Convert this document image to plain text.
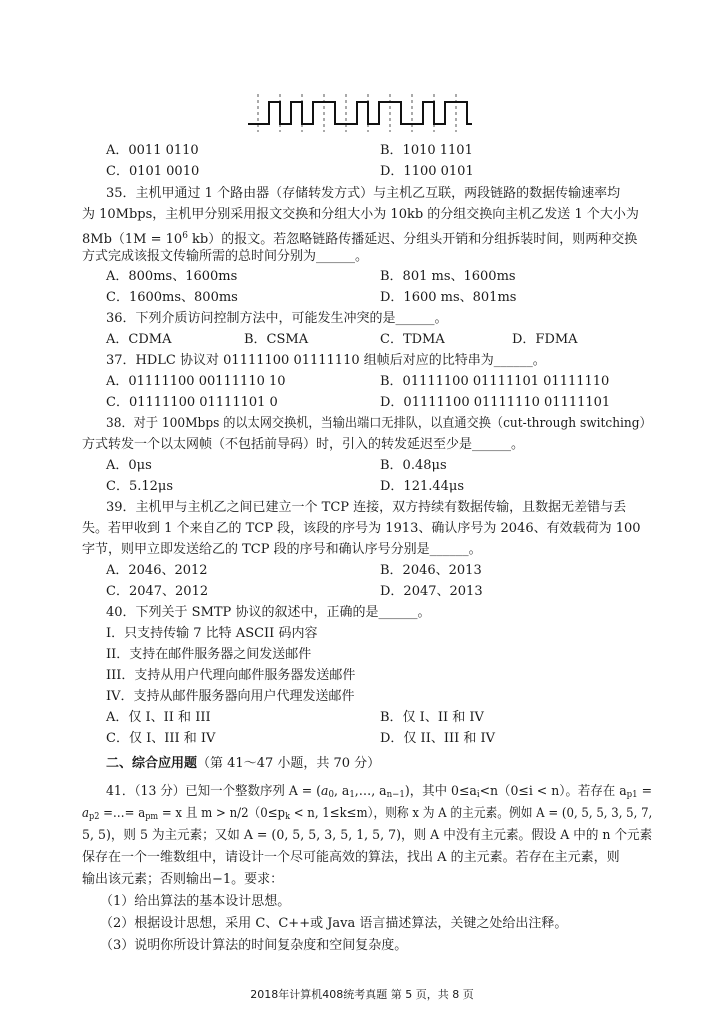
A．0011 0110	B．1010 1101
C．0101 0010	D．1100 0101
35．主机甲通过 1 个路由器（存储转发方式）与主机乙互联，两段链路的数据传输速率均
为 10Mbps，主机甲分别采用报文交换和分组大小为 10kb 的分组交换向主机乙发送 1 个大小为
$8Mb(1M = 10^6$ kb）的报文。若忽略链路传播延迟、分组头开销和分组拆装时间，则两种交换
方式完成该报文传输所需的总时间分别为______。
A．800ms、1600ms	B．801 ms、1600ms
C．1600ms、800ms	D．1600 ms、801ms
36．下列介质访问控制方法中，可能发生冲突的是______。
A．CDMA	B．CSMA	C．TDMA	D．FDMA
37．HDLC 协议对 01111100 01111110 组帧后对应的比特串为______。
A．01111100 00111110 10	B．01111100 01111101 01111110
C．01111100 01111101 0	D．01111100 01111110 01111101
38．对于 100Mbps 的以太网交换机，当输出端口无排队，以直通交换（cut-through switching）
方式转发一个以太网帧（不包括前导码）时，引入的转发延迟至少是______。
A．0μs	B．0.48μs
C．5.12μs	D．121.44μs
39．主机甲与主机乙之间已建立一个 TCP 连接，双方持续有数据传输，且数据无差错与丢
失。若甲收到 1 个来自乙的 TCP 段，该段的序号为 1913、确认序号为 2046、有效载荷为 100
字节，则甲立即发送给乙的 TCP 段的序号和确认序号分别是______。
A．2046、2012	B．2046、2013
C．2047、2012	D．2047、2013
40．下列关于 SMTP 协议的叙述中，正确的是______。
I．只支持传输 7 比特 ASCII 码内容
II．支持在邮件服务器之间发送邮件
III．支持从用户代理向邮件服务器发送邮件
IV．支持从邮件服务器向用户代理发送邮件
A．仅 I、II 和 III	B．仅 I、II 和 IV
C．仅 I、III 和 IV	D．仅 II、III 和 IV
二、综合应用题（第 41～47 小题，共 70 分）
41．（13 分）已知一个整数序列 $A = (a_0$, $a_1,\dots$, $a_{n-1}$)，其中 $0\le a_i<n(0\le i < n)$。若存在 $a_{p1}$ =
$a_{p2}$ =…= $a_{pm} = x$ 且 $m > n/2(0\le p_k < n$, 1≤k≤m），则称 x 为 A 的主元素。例如 A = (0, 5, 5, 3, 5, 7,
5, 5)，则 5 为主元素；又如 A = (0, 5, 5, 3, 5, 1, 5, 7)，则 A 中没有主元素。假设 A 中的 n 个元素
保存在一个一维数组中，请设计一个尽可能高效的算法，找出 A 的主元素。若存在主元素，则
输出该元素；否则输出−1。要求：
（1）给出算法的基本设计思想。
（2）根据设计思想，采用 C、C++或 Java 语言描述算法，关键之处给出注释。
（3）说明你所设计算法的时间复杂度和空间复杂度。
2018年计算机408统考真题 第 5 页，共 8 页
